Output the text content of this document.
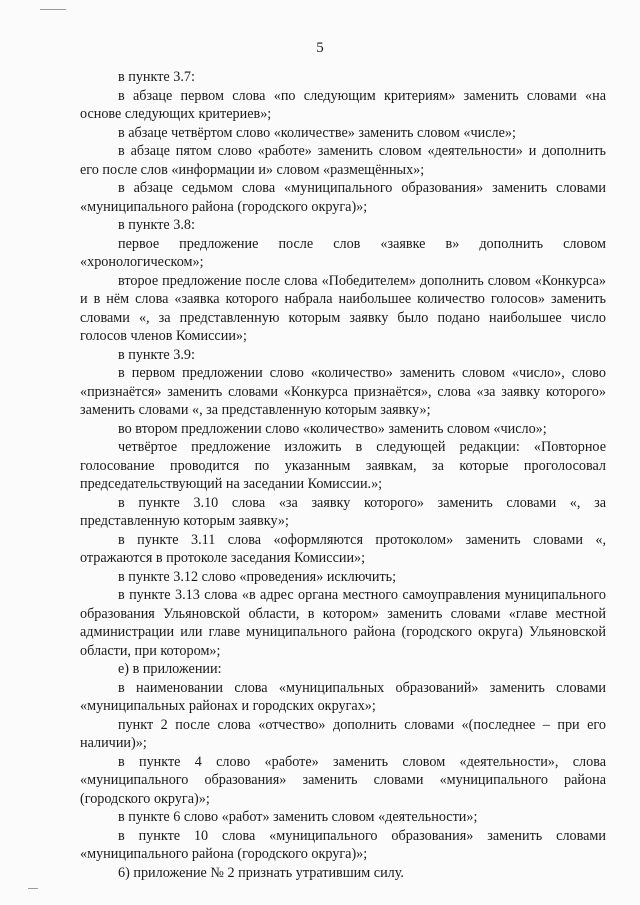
5

в пункте 3.7:

в абзаце первом слова «по следующим критериям» заменить словами «на основе следующих критериев»;

в абзаце четвёртом слово «количестве» заменить словом «числе»;

в абзаце пятом слово «работе» заменить словом «деятельности» и дополнить его после слов «информации и» словом «размещённых»;

в абзаце седьмом слова «муниципального образования» заменить словами «муниципального района (городского округа)»;

в пункте 3.8:

первое предложение после слов «заявке в» дополнить словом «хронологическом»;

второе предложение после слова «Победителем» дополнить словом «Конкурса» и в нём слова «заявка которого набрала наибольшее количество голосов» заменить словами «, за представленную которым заявку было подано наибольшее число голосов членов Комиссии»;

в пункте 3.9:

в первом предложении слово «количество» заменить словом «число», слово «признаётся» заменить словами «Конкурса признаётся», слова «за заявку которого» заменить словами «, за представленную которым заявку»;

во втором предложении слово «количество» заменить словом «число»;

четвёртое предложение изложить в следующей редакции: «Повторное голосование проводится по указанным заявкам, за которые проголосовал председательствующий на заседании Комиссии.»;

в пункте 3.10 слова «за заявку которого» заменить словами «, за представленную которым заявку»;

в пункте 3.11 слова «оформляются протоколом» заменить словами «, отражаются в протоколе заседания Комиссии»;

в пункте 3.12 слово «проведения» исключить;

в пункте 3.13 слова «в адрес органа местного самоуправления муниципального образования Ульяновской области, в котором» заменить словами «главе местной администрации или главе муниципального района (городского округа) Ульяновской области, при котором»;

е) в приложении:

в наименовании слова «муниципальных образований» заменить словами «муниципальных районах и городских округах»;

пункт 2 после слова «отчество» дополнить словами «(последнее – при его наличии)»;

в пункте 4 слово «работе» заменить словом «деятельности», слова «муниципального образования» заменить словами «муниципального района (городского округа)»;

в пункте 6 слово «работ» заменить словом «деятельности»;

в пункте 10 слова «муниципального образования» заменить словами «муниципального района (городского округа)»;

6) приложение № 2 признать утратившим силу.
